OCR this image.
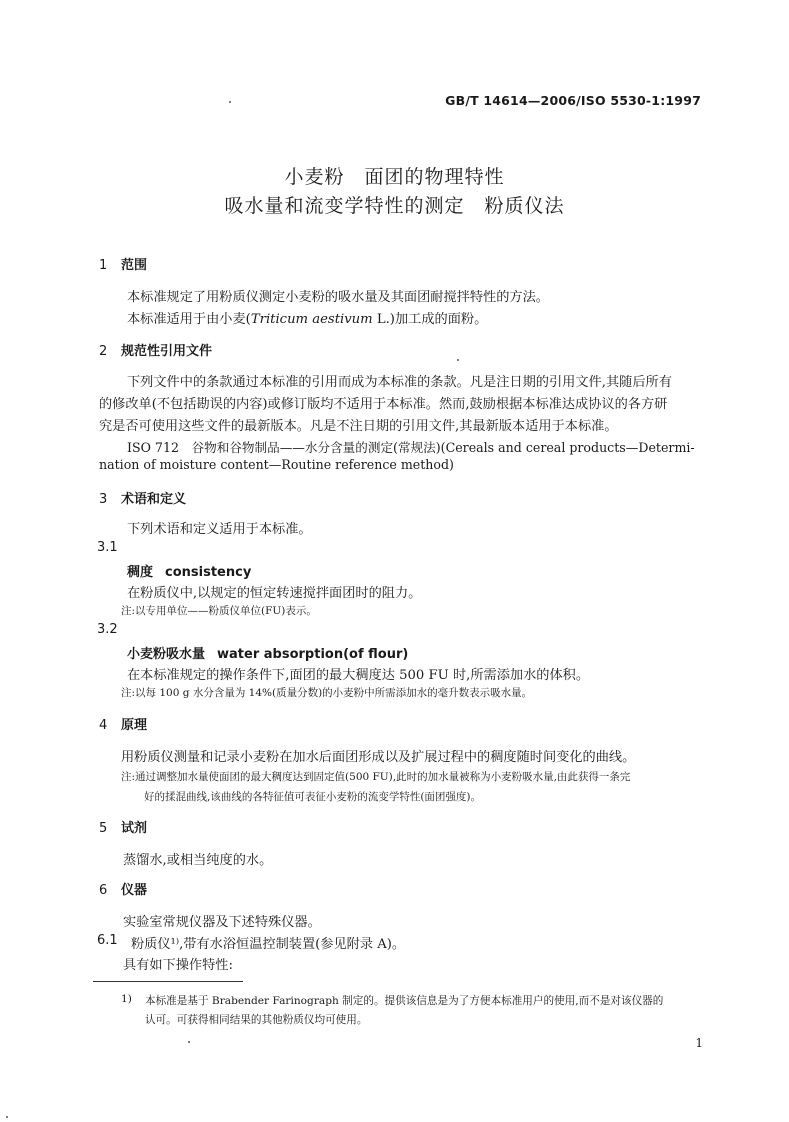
GB/T 14614—2006/ISO 5530-1:1997
小麦粉　面团的物理特性
吸水量和流变学特性的测定　粉质仪法
1 范围
本标准规定了用粉质仪测定小麦粉的吸水量及其面团耐搅拌特性的方法。
本标准适用于由小麦(Triticum aestivum L.)加工成的面粉。
2 规范性引用文件
下列文件中的条款通过本标准的引用而成为本标准的条款。凡是注日期的引用文件,其随后所有
的修改单(不包括勘误的内容)或修订版均不适用于本标准。然而,鼓励根据本标准达成协议的各方研
究是否可使用这些文件的最新版本。凡是不注日期的引用文件,其最新版本适用于本标准。
ISO 712　谷物和谷物制品——水分含量的测定(常规法)(Cereals and cereal products—Determi-
nation of moisture content—Routine reference method)
3 术语和定义
下列术语和定义适用于本标准。
3.1
稠度 consistency
在粉质仪中,以规定的恒定转速搅拌面团时的阻力。
注:以专用单位——粉质仪单位(FU)表示。
3.2
小麦粉吸水量 water absorption(of flour)
在本标准规定的操作条件下,面团的最大稠度达 500 FU 时,所需添加水的体积。
注:以每 100 g 水分含量为 14%(质量分数)的小麦粉中所需添加水的毫升数表示吸水量。
4 原理
用粉质仪测量和记录小麦粉在加水后面团形成以及扩展过程中的稠度随时间变化的曲线。
注:通过调整加水量使面团的最大稠度达到固定值(500 FU),此时的加水量被称为小麦粉吸水量,由此获得一条完
好的揉混曲线,该曲线的各特征值可表征小麦粉的流变学特性(面团强度)。
5 试剂
蒸馏水,或相当纯度的水。
6 仪器
实验室常规仪器及下述特殊仪器。
6.1 粉质仪¹⁾,带有水浴恒温控制装置(参见附录 A)。
具有如下操作特性:
1) 本标准是基于 Brabender Farinograph 制定的。提供该信息是为了方便本标准用户的使用,而不是对该仪器的
认可。可获得相同结果的其他粉质仪均可使用。
1
